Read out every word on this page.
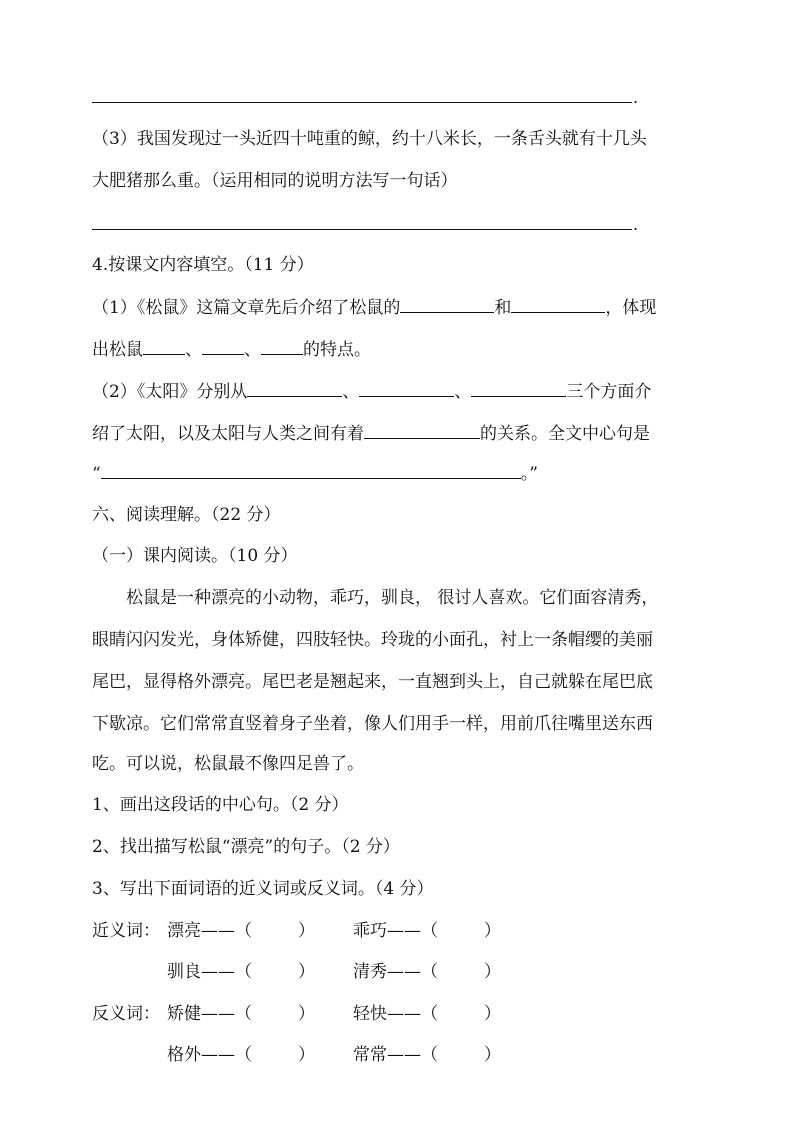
.
（3）我国发现过一头近四十吨重的鲸，约十八米长，一条舌头就有十几头
大肥猪那么重。（运用相同的说明方法写一句话）
.
4.按课文内容填空。（11 分）
（1）《松鼠》这篇文章先后介绍了松鼠的	和	，体现
出松鼠 、 、 的特点。
（2）《太阳》分别从	、	、	三个方面介
绍了太阳，以及太阳与人类之间有着	的关系。全文中心句是
“	。”
六、阅读理解。（22 分）
（一）课内阅读。（10 分）
松鼠是一种漂亮的小动物，乖巧，驯良， 很讨人喜欢。它们面容清秀，
眼睛闪闪发光，身体矫健，四肢轻快。玲珑的小面孔，衬上一条帽缨的美丽
尾巴，显得格外漂亮。尾巴老是翘起来，一直翘到头上，自己就躲在尾巴底
下歇凉。它们常常直竖着身子坐着，像人们用手一样，用前爪往嘴里送东西
吃。可以说，松鼠最不像四足兽了。
1、画出这段话的中心句。（2 分）
2、找出描写松鼠“漂亮”的句子。（2 分）
3、写出下面词语的近义词或反义词。（4 分）
近义词： 漂亮——（	） 乖巧——（	）
驯良——（	） 清秀——（	）
反义词： 矫健——（	） 轻快——（	）
格外——（	） 常常——（	）
